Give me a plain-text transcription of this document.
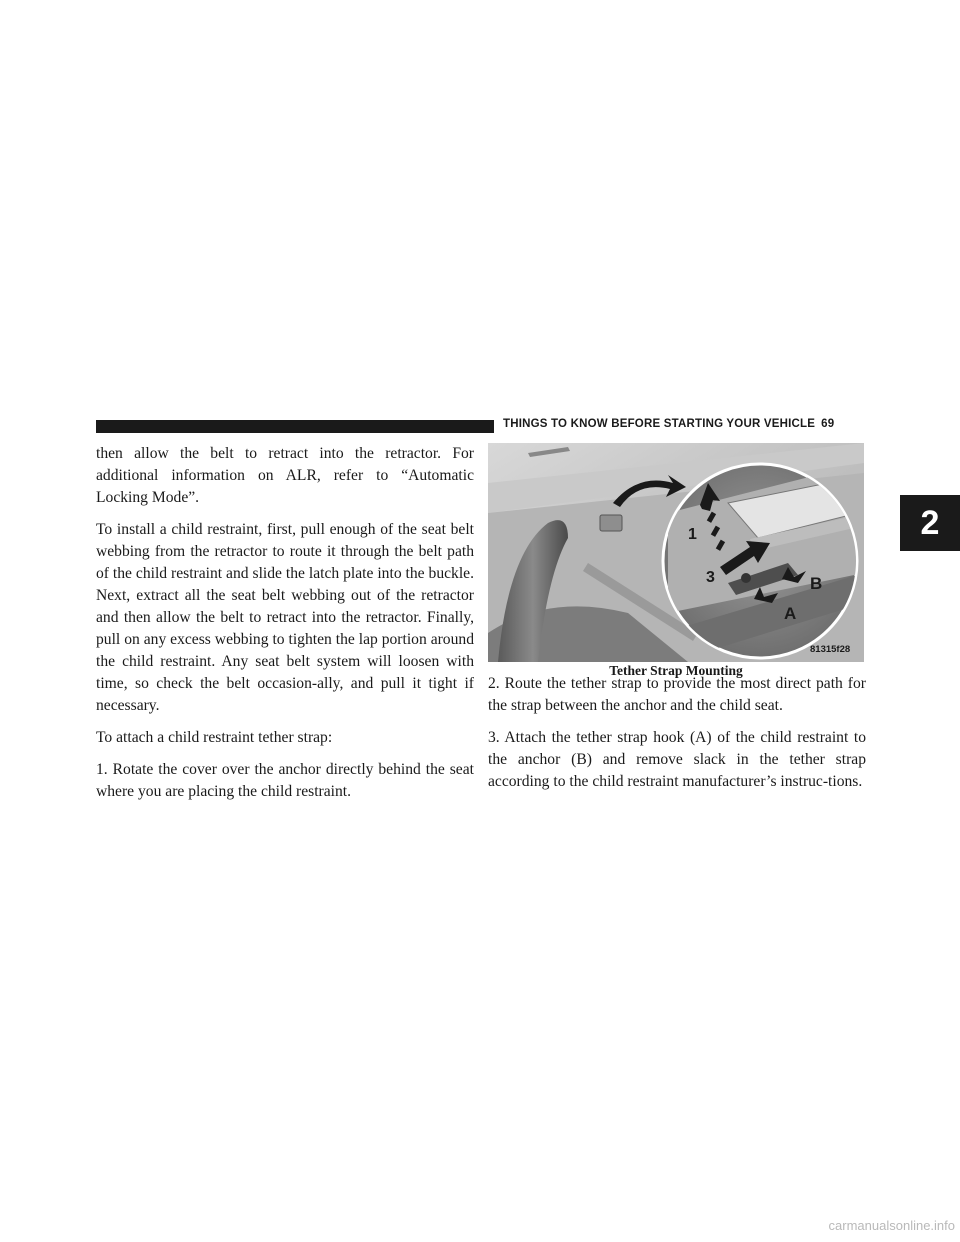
THINGS TO KNOW BEFORE STARTING YOUR VEHICLE 69
2

then allow the belt to retract into the retractor. For additional information on ALR, refer to “Automatic Locking Mode”.

To install a child restraint, first, pull enough of the seat belt webbing from the retractor to route it through the belt path of the child restraint and slide the latch plate into the buckle. Next, extract all the seat belt webbing out of the retractor and then allow the belt to retract into the retractor. Finally, pull on any excess webbing to tighten the lap portion around the child restraint. Any seat belt system will loosen with time, so check the belt occasion-ally, and pull it tight if necessary.

To attach a child restraint tether strap:

1. Rotate the cover over the anchor directly behind the seat where you are placing the child restraint.

1
3	B
A
81315f28
Tether Strap Mounting

2. Route the tether strap to provide the most direct path for the strap between the anchor and the child seat.

3. Attach the tether strap hook (A) of the child restraint to the anchor (B) and remove slack in the tether strap according to the child restraint manufacturer’s instruc-tions.

carmanualsonline.info
